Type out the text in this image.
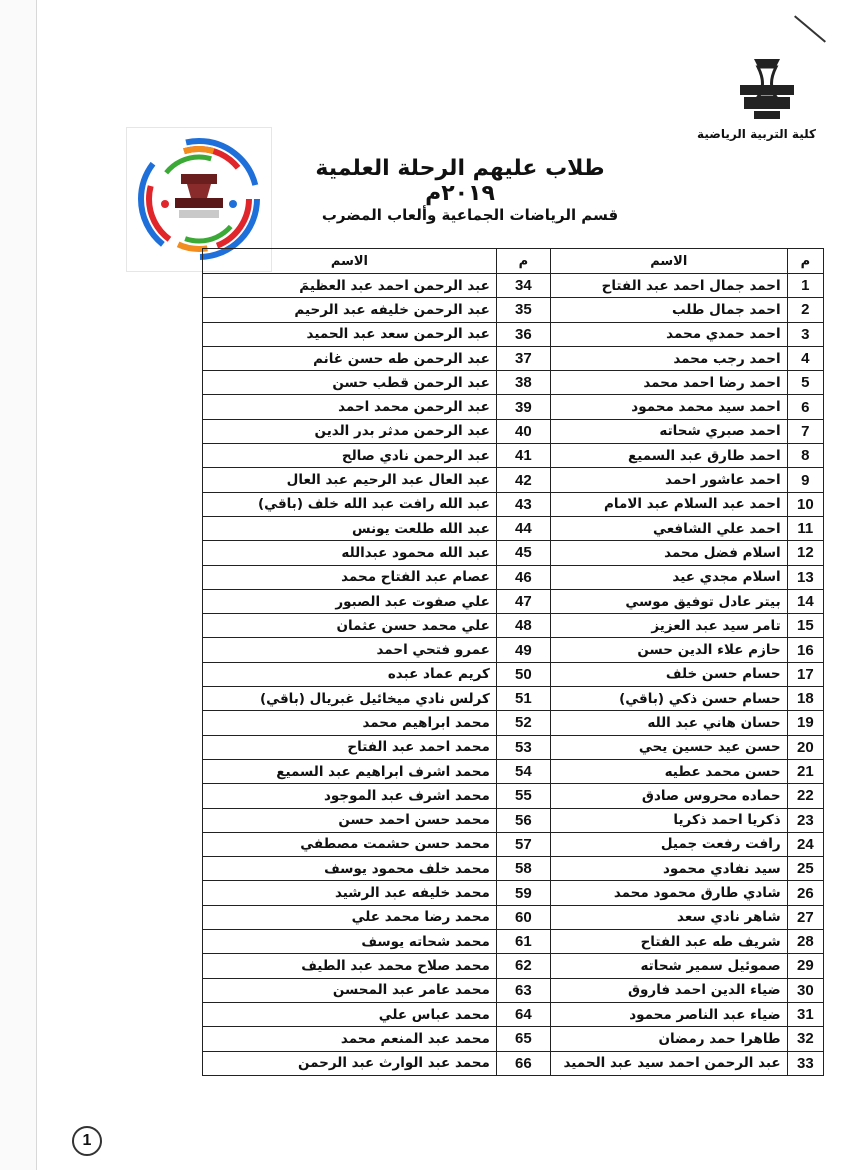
كلية التربية الرياضية
طلاب عليهم الرحلة العلمية ٢٠١٩م
قسم الرياضات الجماعية وألعاب المضرب
م	الاسم	م	الاسم
1	احمد جمال احمد عبد الفتاح	34	عبد الرحمن احمد عبد العظيمَ
2	احمد جمال طلب	35	عبد الرحمن خليفه عبد الرحيم
3	احمد حمدي محمد	36	عبد الرحمن سعد عبد الحميد
4	احمد رجب محمد	37	عبد الرحمن طه حسن غانم
5	احمد رضا احمد محمد	38	عبد الرحمن قطب حسن
6	احمد سيد محمد محمود	39	عبد الرحمن محمد احمد
7	احمد صبري شحاته	40	عبد الرحمن مدثر بدر الدين
8	احمد طارق عبد السميع	41	عبد الرحمن نادي صالح
9	احمد عاشور احمد	42	عبد العال عبد الرحيم عبد العال
10	احمد عبد السلام عبد الامام	43	عبد الله رافت عبد الله خلف (باقي)
11	احمد علي الشافعي	44	عبد الله طلعت يونس
12	اسلام فضل محمد	45	عبد الله محمود عبدالله
13	اسلام مجدي عيد	46	عصام عبد الفتاح محمد
14	بيتر عادل توفيق موسي	47	علي صفوت عبد الصبور
15	تامر سيد عبد العزيز	48	علي محمد حسن عثمان
16	حازم علاء الدين حسن	49	عمرو فتحي احمد
17	حسام حسن خلف	50	كريم عماد عبده
18	حسام حسن ذكي (باقي)	51	كرلس نادي ميخائيل غبريال (باقي)
19	حسان هاني عبد الله	52	محمد ابراهيم محمد
20	حسن عيد حسين يحي	53	محمد احمد عبد الفتاح
21	حسن محمد عطيه	54	محمد اشرف ابراهيم عبد السميع
22	حماده محروس صادق	55	محمد اشرف عبد الموجود
23	ذكريا احمد ذكريا	56	محمد حسن احمد حسن
24	رافت رفعت جميل	57	محمد حسن حشمت مصطفي
25	سيد نفادي محمود	58	محمد خلف محمود يوسف
26	شادي طارق محمود محمد	59	محمد خليفه عبد الرشيد
27	شاهر نادي سعد	60	محمد رضا محمد علي
28	شريف طه عبد الفتاح	61	محمد شحاته يوسف
29	صموئيل سمير شحاته	62	محمد صلاح محمد عبد الطيف
30	ضياء الدين احمد فاروق	63	محمد عامر عبد المحسن
31	ضياء عبد الناصر محمود	64	محمد عباس علي
32	طاهرا حمد رمضان	65	محمد عبد المنعم محمد
33	عبد الرحمن احمد سيد عبد الحميد	66	محمد عبد الوارث عبد الرحمن
1
